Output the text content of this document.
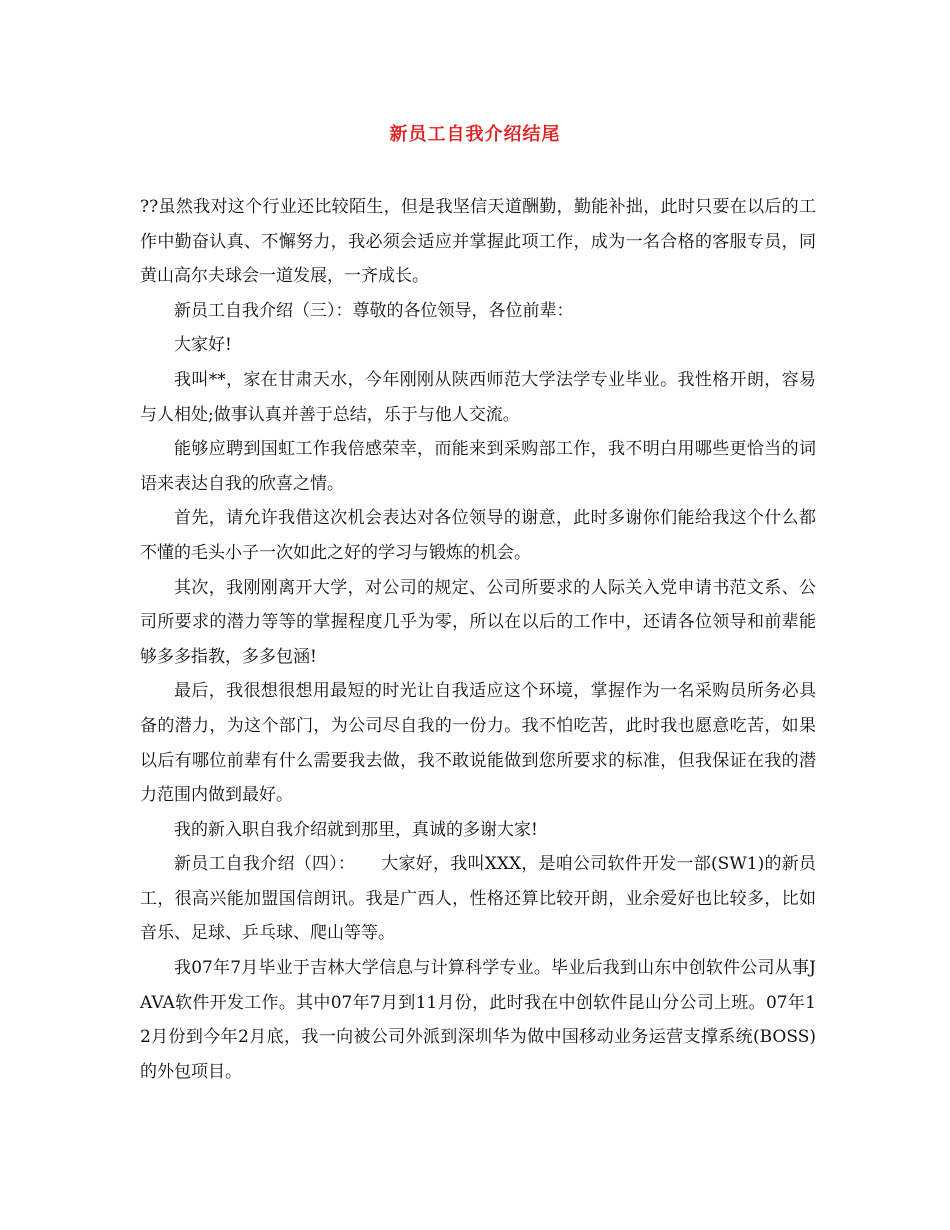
新员工自我介绍结尾

??虽然我对这个行业还比较陌生，但是我坚信天道酬勤，勤能补拙，此时只要在以后的工作中勤奋认真、不懈努力，我必须会适应并掌握此项工作，成为一名合格的客服专员，同黄山高尔夫球会一道发展，一齐成长。

新员工自我介绍（三）：尊敬的各位领导，各位前辈：

大家好!

我叫**，家在甘肃天水，今年刚刚从陕西师范大学法学专业毕业。我性格开朗，容易与人相处;做事认真并善于总结，乐于与他人交流。

能够应聘到国虹工作我倍感荣幸，而能来到采购部工作，我不明白用哪些更恰当的词语来表达自我的欣喜之情。

首先，请允许我借这次机会表达对各位领导的谢意，此时多谢你们能给我这个什么都不懂的毛头小子一次如此之好的学习与锻炼的机会。

其次，我刚刚离开大学，对公司的规定、公司所要求的人际关入党申请书范文系、公司所要求的潜力等等的掌握程度几乎为零，所以在以后的工作中，还请各位领导和前辈能够多多指教，多多包涵!

最后，我很想很想用最短的时光让自我适应这个环境，掌握作为一名采购员所务必具备的潜力，为这个部门，为公司尽自我的一份力。我不怕吃苦，此时我也愿意吃苦，如果以后有哪位前辈有什么需要我去做，我不敢说能做到您所要求的标准，但我保证在我的潜力范围内做到最好。

我的新入职自我介绍就到那里，真诚的多谢大家!

新员工自我介绍（四）：　　大家好，我叫XXX，是咱公司软件开发一部(SW1)的新员工，很高兴能加盟国信朗讯。我是广西人，性格还算比较开朗，业余爱好也比较多，比如音乐、足球、乒乓球、爬山等等。

我07年7月毕业于吉林大学信息与计算科学专业。毕业后我到山东中创软件公司从事JAVA软件开发工作。其中07年7月到11月份，此时我在中创软件昆山分公司上班。07年12月份到今年2月底，我一向被公司外派到深圳华为做中国移动业务运营支撑系统(BOSS)的外包项目。
